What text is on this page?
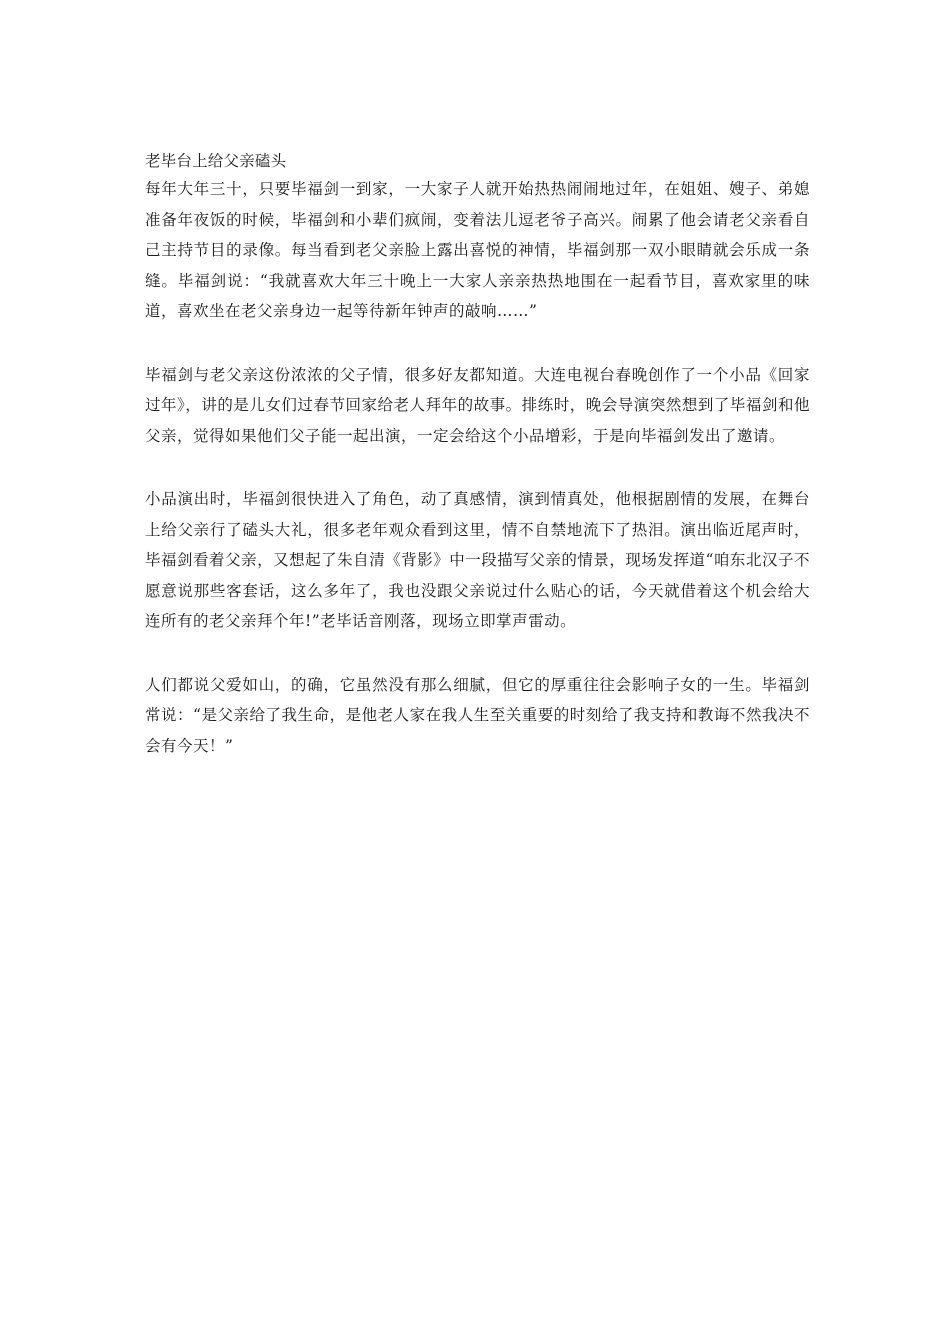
老毕台上给父亲磕头

每年大年三十，只要毕福剑一到家，一大家子人就开始热热闹闹地过年，在姐姐、嫂子、弟媳准备年夜饭的时候，毕福剑和小辈们疯闹，变着法儿逗老爷子高兴。闹累了他会请老父亲看自己主持节目的录像。每当看到老父亲脸上露出喜悦的神情，毕福剑那一双小眼睛就会乐成一条缝。毕福剑说：“我就喜欢大年三十晚上一大家人亲亲热热地围在一起看节目，喜欢家里的味道，喜欢坐在老父亲身边一起等待新年钟声的敲响……”

毕福剑与老父亲这份浓浓的父子情，很多好友都知道。大连电视台春晚创作了一个小品《回家过年》，讲的是儿女们过春节回家给老人拜年的故事。排练时，晚会导演突然想到了毕福剑和他父亲，觉得如果他们父子能一起出演，一定会给这个小品增彩，于是向毕福剑发出了邀请。

小品演出时，毕福剑很快进入了角色，动了真感情，演到情真处，他根据剧情的发展，在舞台上给父亲行了磕头大礼，很多老年观众看到这里，情不自禁地流下了热泪。演出临近尾声时，毕福剑看着父亲，又想起了朱自清《背影》中一段描写父亲的情景，现场发挥道“咱东北汉子不愿意说那些客套话，这么多年了，我也没跟父亲说过什么贴心的话，今天就借着这个机会给大连所有的老父亲拜个年!”老毕话音刚落，现场立即掌声雷动。

人们都说父爱如山，的确，它虽然没有那么细腻，但它的厚重往往会影响子女的一生。毕福剑常说：“是父亲给了我生命，是他老人家在我人生至关重要的时刻给了我支持和教诲不然我决不会有今天！”
